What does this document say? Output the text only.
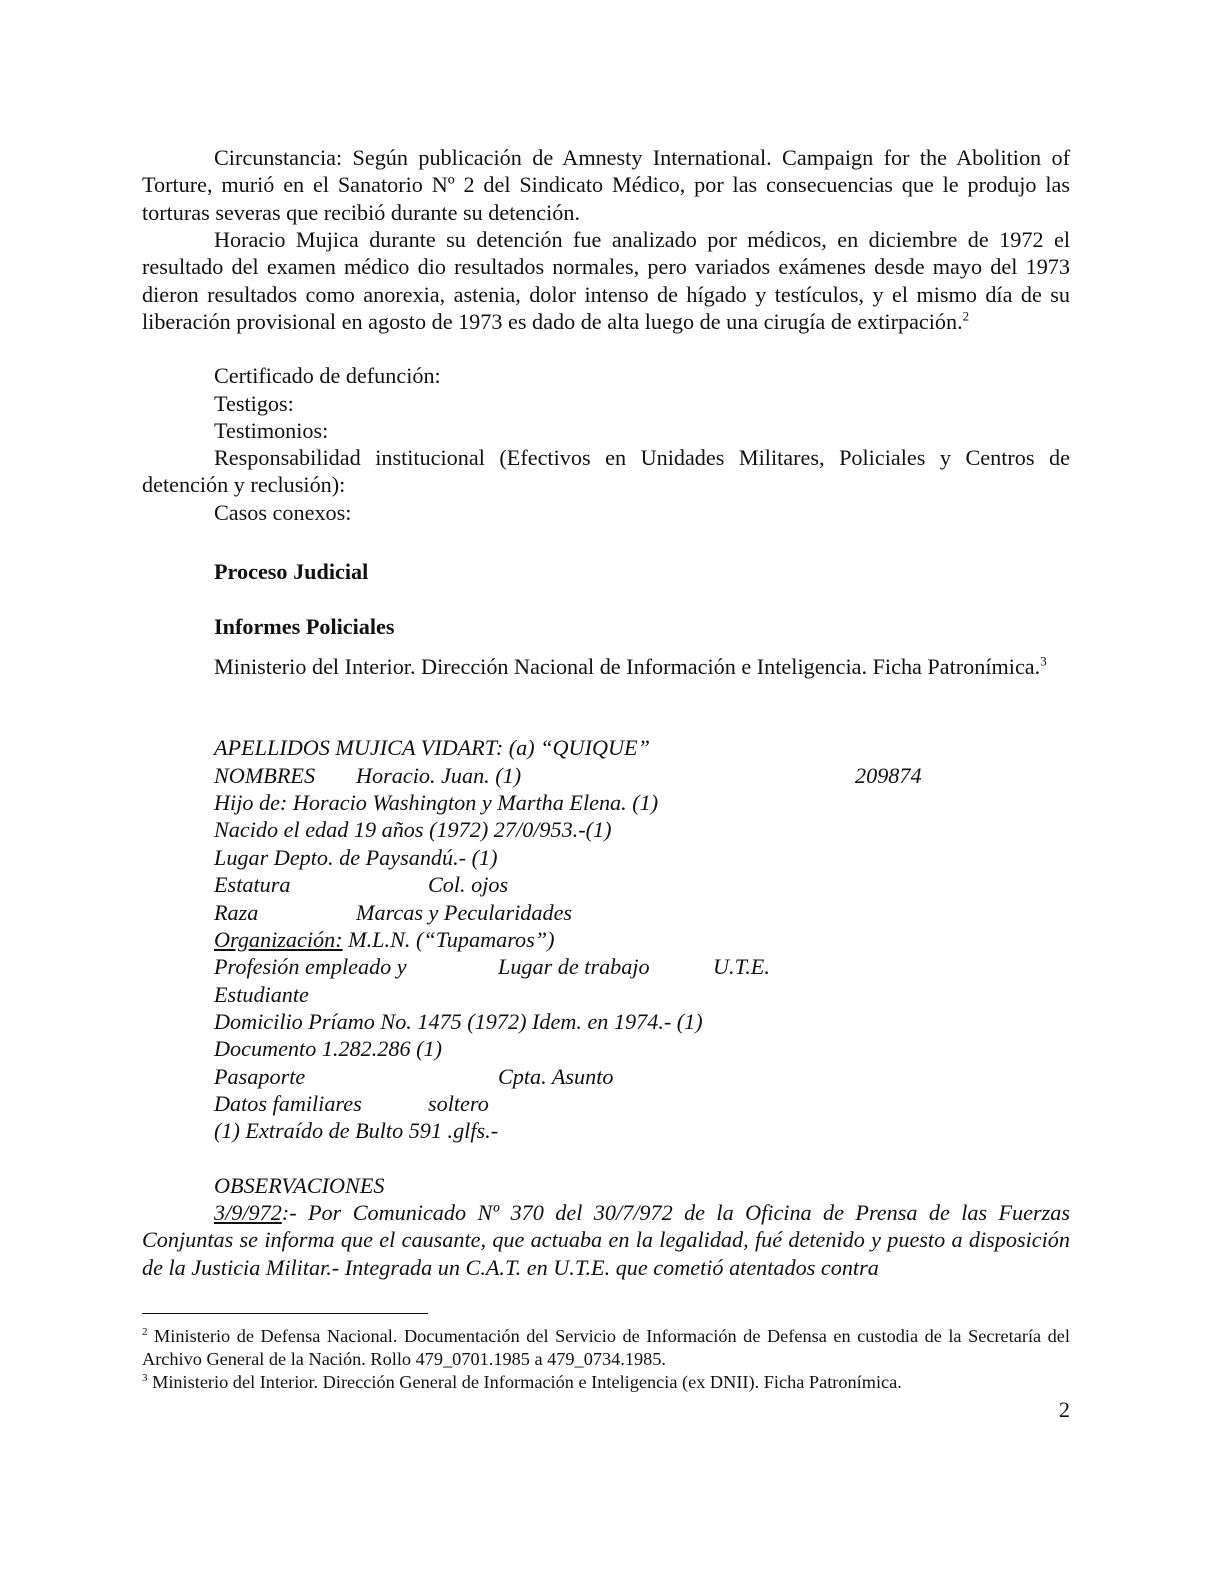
Circunstancia: Según publicación de Amnesty International. Campaign for the Abolition of Torture, murió en el Sanatorio Nº 2 del Sindicato Médico, por las consecuencias que le produjo las torturas severas que recibió durante su detención.

Horacio Mujica durante su detención fue analizado por médicos, en diciembre de 1972 el resultado del examen médico dio resultados normales, pero variados exámenes desde mayo del 1973 dieron resultados como anorexia, astenia, dolor intenso de hígado y testículos, y el mismo día de su liberación provisional en agosto de 1973 es dado de alta luego de una cirugía de extirpación.$^2$

Certificado de defunción:

Testigos:

Testimonios:

Responsabilidad institucional (Efectivos en Unidades Militares, Policiales y Centros de detención y reclusión):

Casos conexos:

Proceso Judicial

Informes Policiales

Ministerio del Interior. Dirección Nacional de Información e Inteligencia. Ficha Patronímica.$^3$

APELLIDOS MUJICA VIDART: (a) “QUIQUE”

NOMBRES Horacio. Juan. (1)	209874

Hijo de: Horacio Washington y Martha Elena. (1)

Nacido el edad 19 años (1972) 27/0/953.-(1)

Lugar Depto. de Paysandú.- (1)

Estatura	Col. ojos

Raza	Marcas y Pecularidades

Organización: M.L.N. (“Tupamaros”)

Profesión empleado y	Lugar de trabajo	U.T.E.

Estudiante

Domicilio Príamo No. 1475 (1972) Idem. en 1974.- (1)

Documento 1.282.286 (1)

Pasaporte	Cpta. Asunto

Datos familiares	soltero

(1) Extraído de Bulto 591 .glfs.-

OBSERVACIONES

3/9/972:- Por Comunicado Nº 370 del 30/7/972 de la Oficina de Prensa de las Fuerzas Conjuntas se informa que el causante, que actuaba en la legalidad, fué detenido y puesto a disposición de la Justicia Militar.- Integrada un C.A.T. en U.T.E. que cometió atentados contra

$^2$ Ministerio de Defensa Nacional. Documentación del Servicio de Información de Defensa en custodia de la Secretaría del Archivo General de la Nación. Rollo 479_0701.1985 a 479_0734.1985.

$^3$ Ministerio del Interior. Dirección General de Información e Inteligencia (ex DNII). Ficha Patronímica.

2
